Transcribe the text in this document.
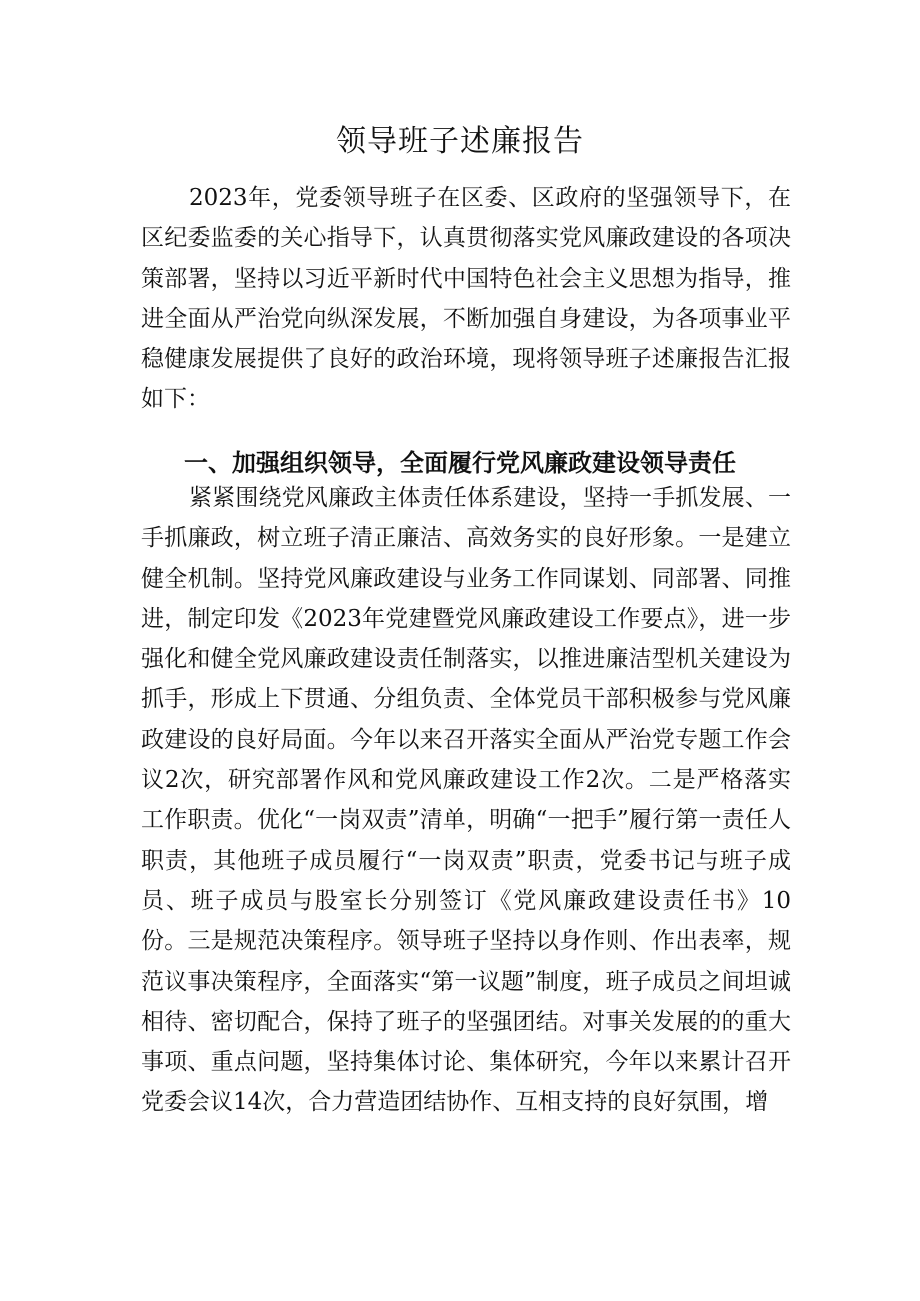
领导班子述廉报告

2023年，党委领导班子在区委、区政府的坚强领导下，在区纪委监委的关心指导下，认真贯彻落实党风廉政建设的各项决策部署，坚持以习近平新时代中国特色社会主义思想为指导，推进全面从严治党向纵深发展，不断加强自身建设，为各项事业平稳健康发展提供了良好的政治环境，现将领导班子述廉报告汇报如下：

一、加强组织领导，全面履行党风廉政建设领导责任

紧紧围绕党风廉政主体责任体系建设，坚持一手抓发展、一手抓廉政，树立班子清正廉洁、高效务实的良好形象。一是建立健全机制。坚持党风廉政建设与业务工作同谋划、同部署、同推进，制定印发《2023年党建暨党风廉政建设工作要点》，进一步强化和健全党风廉政建设责任制落实，以推进廉洁型机关建设为抓手，形成上下贯通、分组负责、全体党员干部积极参与党风廉政建设的良好局面。今年以来召开落实全面从严治党专题工作会议2次，研究部署作风和党风廉政建设工作2次。二是严格落实工作职责。优化“一岗双责”清单，明确“一把手”履行第一责任人职责，其他班子成员履行“一岗双责”职责，党委书记与班子成员、班子成员与股室长分别签订《党风廉政建设责任书》10份。三是规范决策程序。领导班子坚持以身作则、作出表率，规范议事决策程序，全面落实“第一议题”制度，班子成员之间坦诚相待、密切配合，保持了班子的坚强团结。对事关发展的的重大事项、重点问题，坚持集体讨论、集体研究，今年以来累计召开党委会议14次，合力营造团结协作、互相支持的良好氛围，增
